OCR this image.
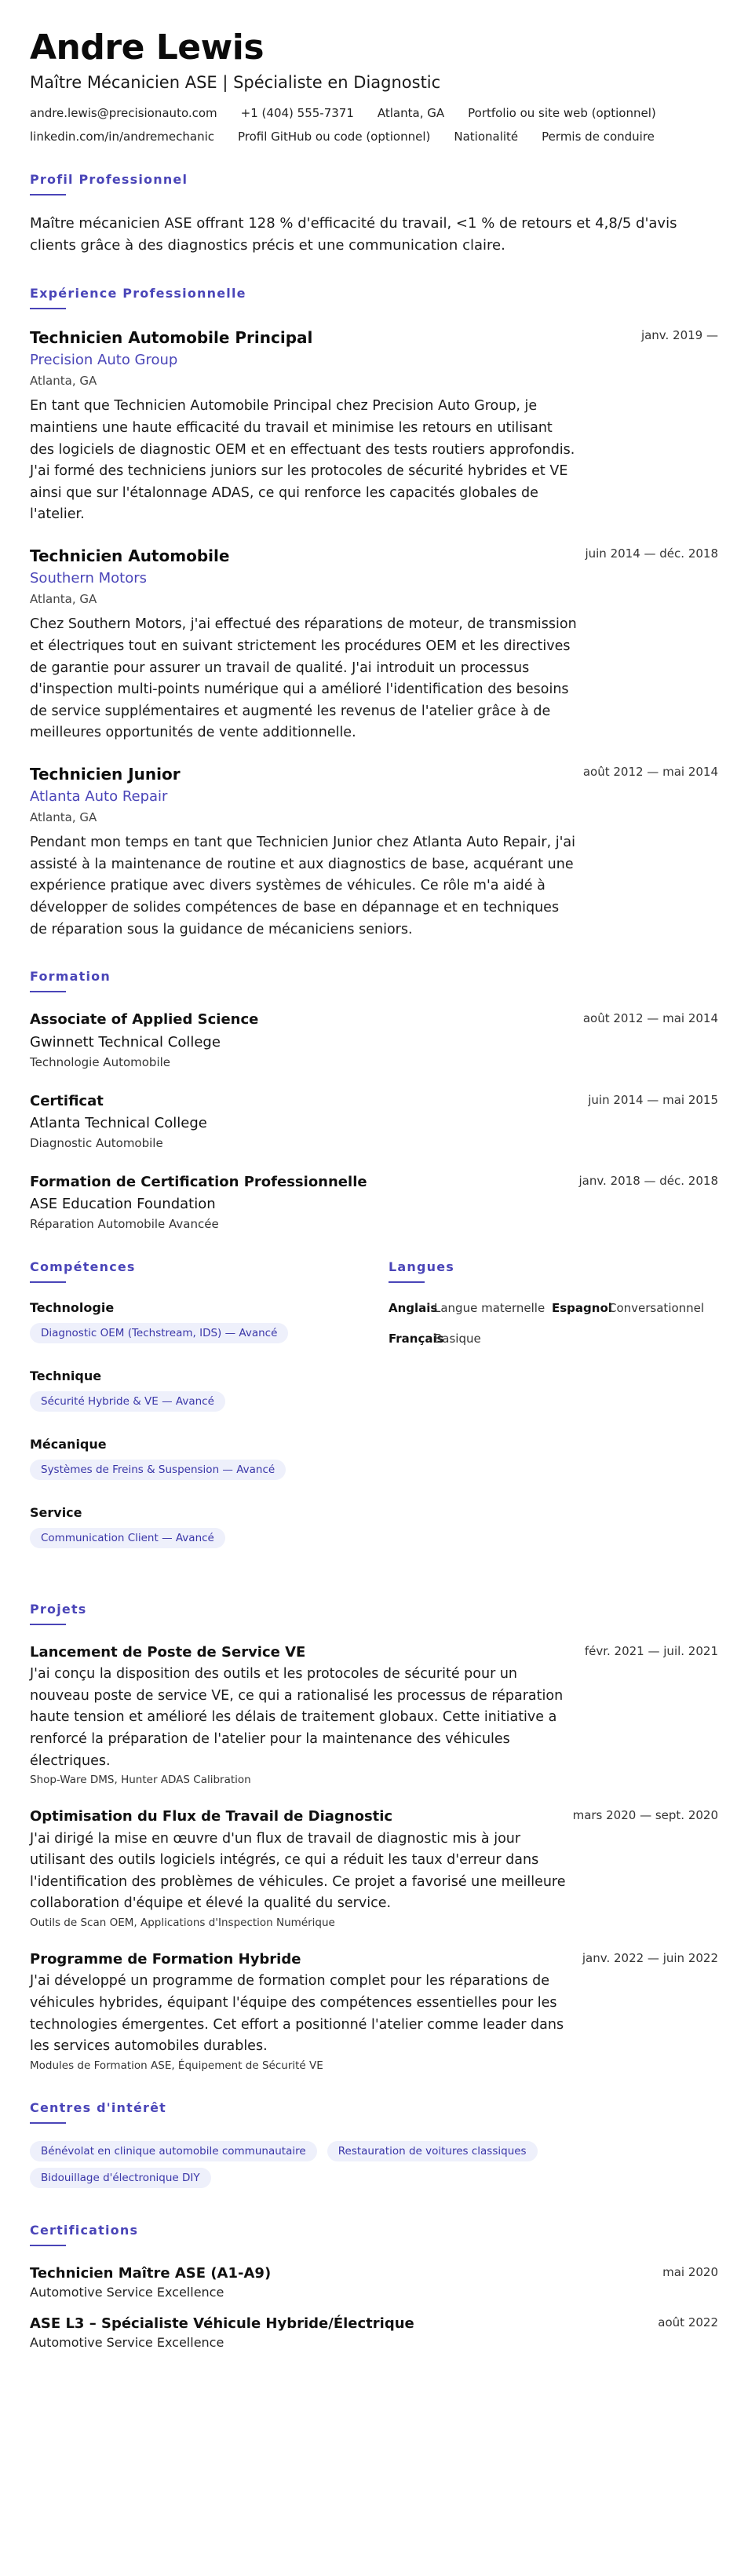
Andre Lewis
Maître Mécanicien ASE | Spécialiste en Diagnostic
andre.lewis@precisionauto.com +1 (404) 555-7371 Atlanta, GA Portfolio ou site web (optionnel)
linkedin.com/in/andremechanic Profil GitHub ou code (optionnel) Nationalité Permis de conduire
Profil Professionnel

Maître mécanicien ASE offrant 128 % d'efficacité du travail, <1 % de retours et 4,8/5 d'avis clients grâce à des diagnostics précis et une communication claire.

Expérience Professionnelle
janv. 2019 —
Technicien Automobile Principal
Precision Auto Group
Atlanta, GA

En tant que Technicien Automobile Principal chez Precision Auto Group, je maintiens une haute efficacité du travail et minimise les retours en utilisant des logiciels de diagnostic OEM et en effectuant des tests routiers approfondis. J'ai formé des techniciens juniors sur les protocoles de sécurité hybrides et VE ainsi que sur l'étalonnage ADAS, ce qui renforce les capacités globales de l'atelier.

juin 2014 — déc. 2018
Technicien Automobile
Southern Motors
Atlanta, GA

Chez Southern Motors, j'ai effectué des réparations de moteur, de transmission et électriques tout en suivant strictement les procédures OEM et les directives de garantie pour assurer un travail de qualité. J'ai introduit un processus d'inspection multi-points numérique qui a amélioré l'identification des besoins de service supplémentaires et augmenté les revenus de l'atelier grâce à de meilleures opportunités de vente additionnelle.

août 2012 — mai 2014
Technicien Junior
Atlanta Auto Repair
Atlanta, GA

Pendant mon temps en tant que Technicien Junior chez Atlanta Auto Repair, j'ai assisté à la maintenance de routine et aux diagnostics de base, acquérant une expérience pratique avec divers systèmes de véhicules. Ce rôle m'a aidé à développer de solides compétences de base en dépannage et en techniques de réparation sous la guidance de mécaniciens seniors.

Formation
août 2012 — mai 2014
Associate of Applied Science
Gwinnett Technical College
Technologie Automobile
juin 2014 — mai 2015
Certificat
Atlanta Technical College
Diagnostic Automobile
janv. 2018 — déc. 2018
Formation de Certification Professionnelle
ASE Education Foundation
Réparation Automobile Avancée
Compétences
Technologie
Diagnostic OEM (Techstream, IDS) — Avancé
Technique
Sécurité Hybride & VE — Avancé
Mécanique
Systèmes de Freins & Suspension — Avancé
Service
Communication Client — Avancé
Langues
Anglais
Langue maternelle Espagnol
Conversationnel
Français
Basique
Projets
févr. 2021 — juil. 2021
Lancement de Poste de Service VE

J'ai conçu la disposition des outils et les protocoles de sécurité pour un nouveau poste de service VE, ce qui a rationalisé les processus de réparation haute tension et amélioré les délais de traitement globaux. Cette initiative a renforcé la préparation de l'atelier pour la maintenance des véhicules électriques.

Shop-Ware DMS, Hunter ADAS Calibration
mars 2020 — sept. 2020
Optimisation du Flux de Travail de Diagnostic

J'ai dirigé la mise en œuvre d'un flux de travail de diagnostic mis à jour utilisant des outils logiciels intégrés, ce qui a réduit les taux d'erreur dans l'identification des problèmes de véhicules. Ce projet a favorisé une meilleure collaboration d'équipe et élevé la qualité du service.

Outils de Scan OEM, Applications d'Inspection Numérique
janv. 2022 — juin 2022
Programme de Formation Hybride

J'ai développé un programme de formation complet pour les réparations de véhicules hybrides, équipant l'équipe des compétences essentielles pour les technologies émergentes. Cet effort a positionné l'atelier comme leader dans les services automobiles durables.

Modules de Formation ASE, Équipement de Sécurité VE
Centres d'intérêt
Bénévolat en clinique automobile communautaire	Restauration de voitures classiques Bidouillage d'électronique DIY
Certifications
mai 2020
Technicien Maître ASE (A1-A9)
Automotive Service Excellence
août 2022
ASE L3 – Spécialiste Véhicule Hybride/Électrique
Automotive Service Excellence
